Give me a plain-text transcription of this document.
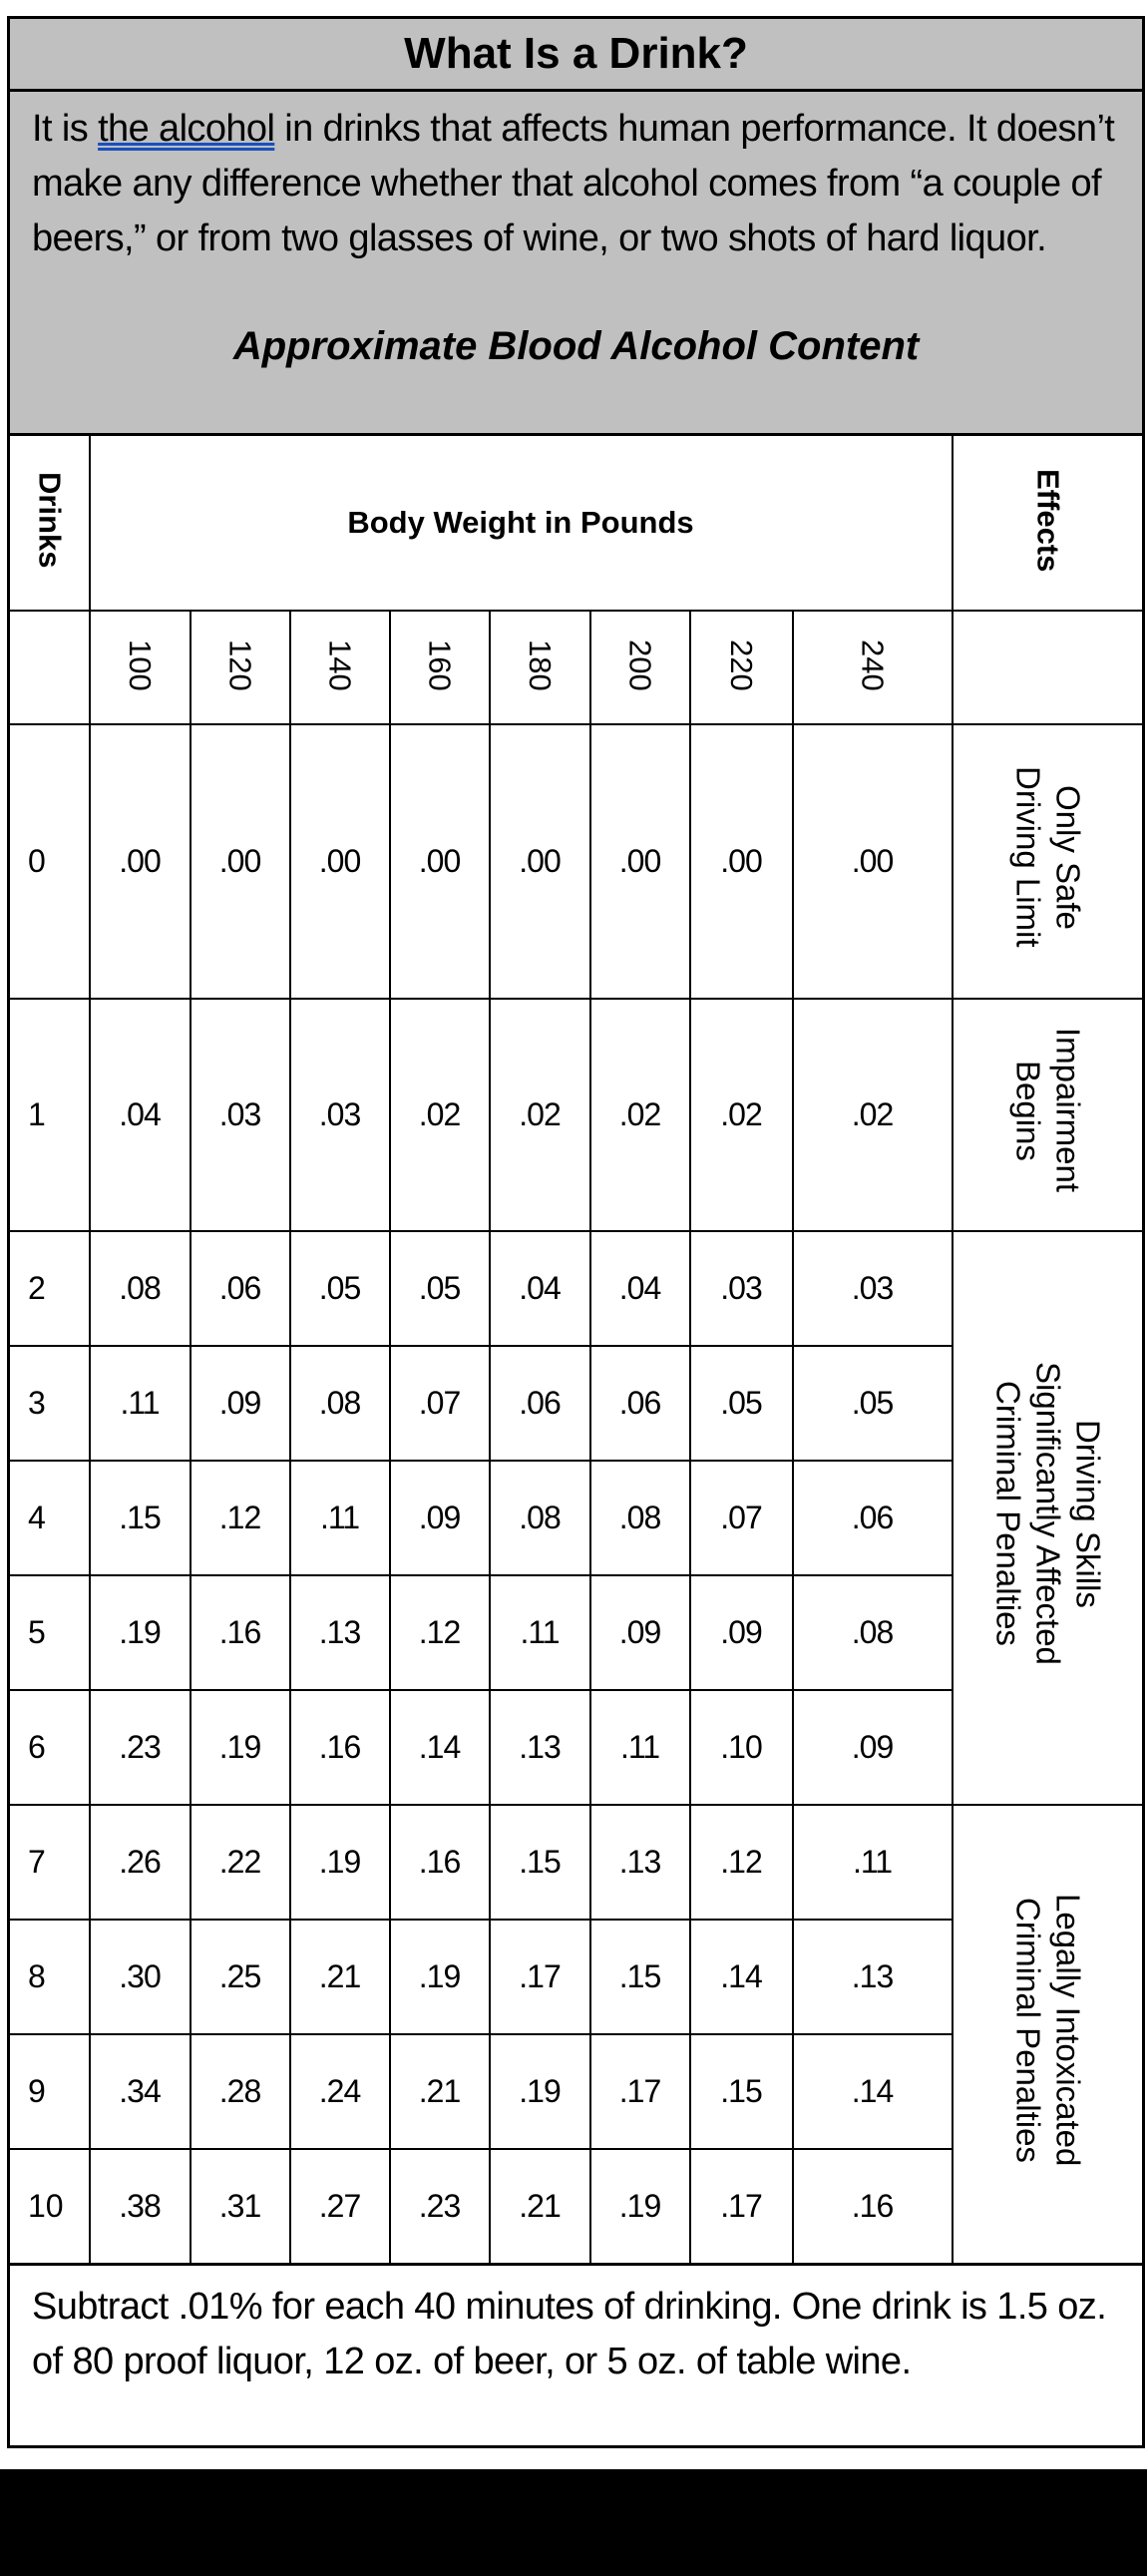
What Is a Drink?									

It is the alcohol in drinks that affects human performance. It doesn’t make any difference whether that alcohol comes from “a couple of beers,” or from two glasses of wine, or two shots of hard liquor.
Approximate Blood Alcohol Content									

Drinks	Body Weight in Pounds								Effects
	100	120	140	160	180	200	220	240	
0	.00	.00	.00	.00	.00	.00	.00	.00	Only Safe
Driving Limit
1	.04	.03	.03	.02	.02	.02	.02	.02	Impairment
Begins
2	.08	.06	.05	.05	.04	.04	.03	.03	Driving Skills
Significantly Affected
Criminal Penalties
3	.11	.09	.08	.07	.06	.06	.05	.05	
4	.15	.12	.11	.09	.08	.08	.07	.06	
5	.19	.16	.13	.12	.11	.09	.09	.08	
6	.23	.19	.16	.14	.13	.11	.10	.09	
7	.26	.22	.19	.16	.15	.13	.12	.11	Legally Intoxicated
Criminal Penalties
8	.30	.25	.21	.19	.17	.15	.14	.13	
9	.34	.28	.24	.21	.19	.17	.15	.14	
10	.38	.31	.27	.23	.21	.19	.17	.16	
Subtract .01% for each 40 minutes of drinking. One drink is 1.5 oz. of 80 proof liquor, 12 oz. of beer, or 5 oz. of table wine.									
